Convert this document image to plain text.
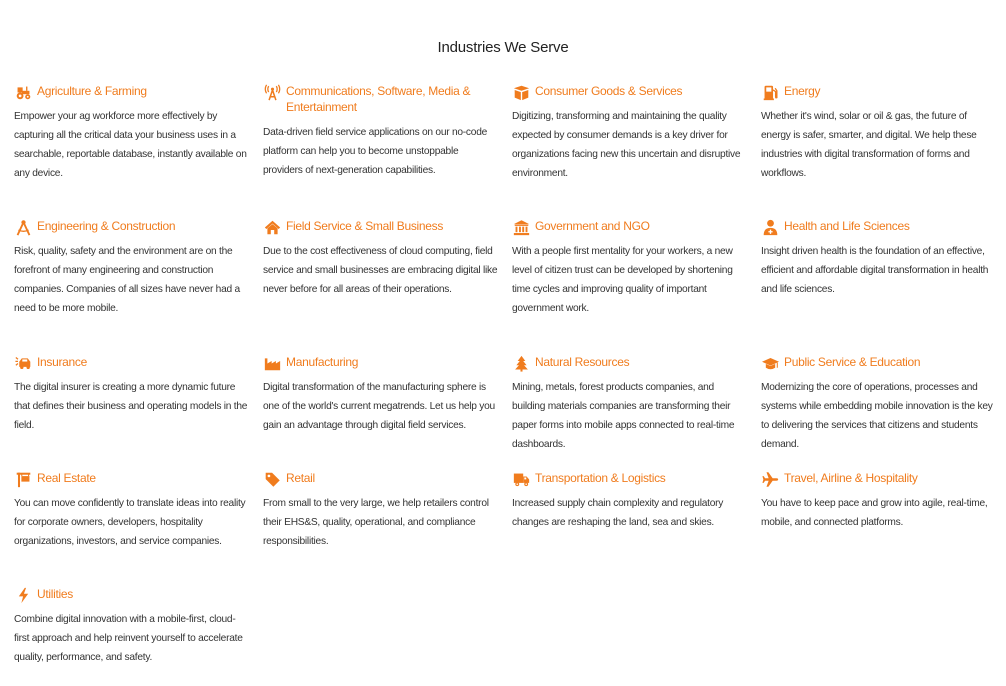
Industries We Serve
Agriculture & Farming
Empower your ag workforce more effectively by capturing all the critical data your business uses in a searchable, reportable database, instantly available on any device.
Communications, Software, Media & Entertainment
Data-driven field service applications on our no-code platform can help you to become unstoppable providers of next-generation capabilities.
Consumer Goods & Services
Digitizing, transforming and maintaining the quality expected by consumer demands is a key driver for organizations facing new this uncertain and disruptive environment.
Energy
Whether it's wind, solar or oil & gas, the future of energy is safer, smarter, and digital. We help these industries with digital transformation of forms and workflows.
Engineering & Construction
Risk, quality, safety and the environment are on the forefront of many engineering and construction companies. Companies of all sizes have never had a need to be more mobile.
Field Service & Small Business
Due to the cost effectiveness of cloud computing, field service and small businesses are embracing digital like never before for all areas of their operations.
Government and NGO
With a people first mentality for your workers, a new level of citizen trust can be developed by shortening time cycles and improving quality of important government work.
Health and Life Sciences
Insight driven health is the foundation of an effective, efficient and affordable digital transformation in health and life sciences.
Insurance
The digital insurer is creating a more dynamic future that defines their business and operating models in the field.
Manufacturing
Digital transformation of the manufacturing sphere is one of the world's current megatrends. Let us help you gain an advantage through digital field services.
Natural Resources
Mining, metals, forest products companies, and building materials companies are transforming their paper forms into mobile apps connected to real-time dashboards.
Public Service & Education
Modernizing the core of operations, processes and systems while embedding mobile innovation is the key to delivering the services that citizens and students demand.
Real Estate
You can move confidently to translate ideas into reality for corporate owners, developers, hospitality organizations, investors, and service companies.
Retail
From small to the very large, we help retailers control their EHS&S, quality, operational, and compliance responsibilities.
Transportation & Logistics
Increased supply chain complexity and regulatory changes are reshaping the land, sea and skies.
Travel, Airline & Hospitality
You have to keep pace and grow into agile, real-time, mobile, and connected platforms.
Utilities
Combine digital innovation with a mobile-first, cloud-first approach and help reinvent yourself to accelerate quality, performance, and safety.
